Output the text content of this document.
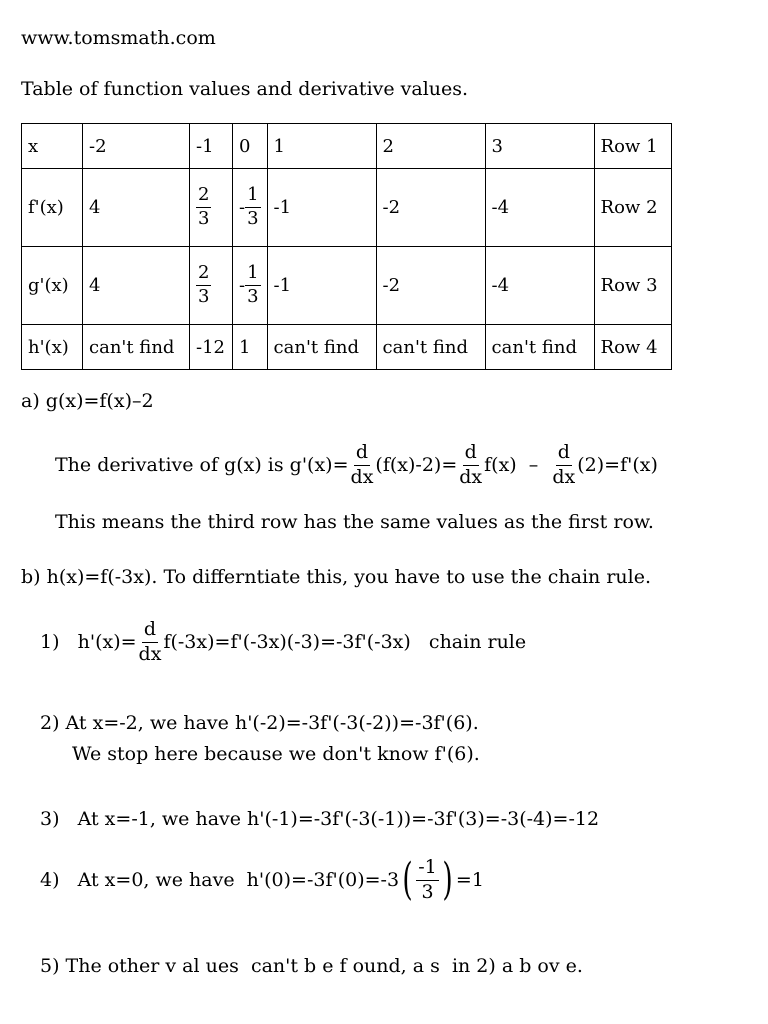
www.tomsmath.com
Table of function values and derivative values.
x	-2	-1	0	1	2	3	Row 1
f'(x)	4	$\frac{2}{3}$	- $\frac{1}{3}$	-1	-2	-4	Row 2
g'(x)	4	$\frac{2}{3}$	- $\frac{1}{3}$	-1	-2	-4	Row 3
h'(x)	can't find	-12	1	can't find	can't find	can't find	Row 4
a) g(x)=f(x)–2
The derivative of g(x) is $g'(x)= \frac{d}{dx} (f(x)-2)= \frac{d}{dx} f(x) - \frac{d}{dx} (2)=f'(x)$
This means the third row has the same values as the first row.
b) h(x)=f(-3x). To differntiate this, you have to use the chain rule.
1)   $h'(x)= \frac{d}{dx} f(-3x)=f'(-3x)(-3)=-3f'(-3x)$   chain rule
2) At x=-2, we have h'(-2)=-3f'(-3(-2))=-3f'(6).
We stop here because we don't know f'(6).
3)   At x=-1, we have h'(-1)=-3f'(-3(-1))=-3f'(3)=-3(-4)=-12
4)   At x=0, we have  h'(0)=-3f'(0)=-3 ( $\frac{-1}{3}$ ) =1
5) The other v al ues  can't b e f ound, a s  in 2) a b ov e.
